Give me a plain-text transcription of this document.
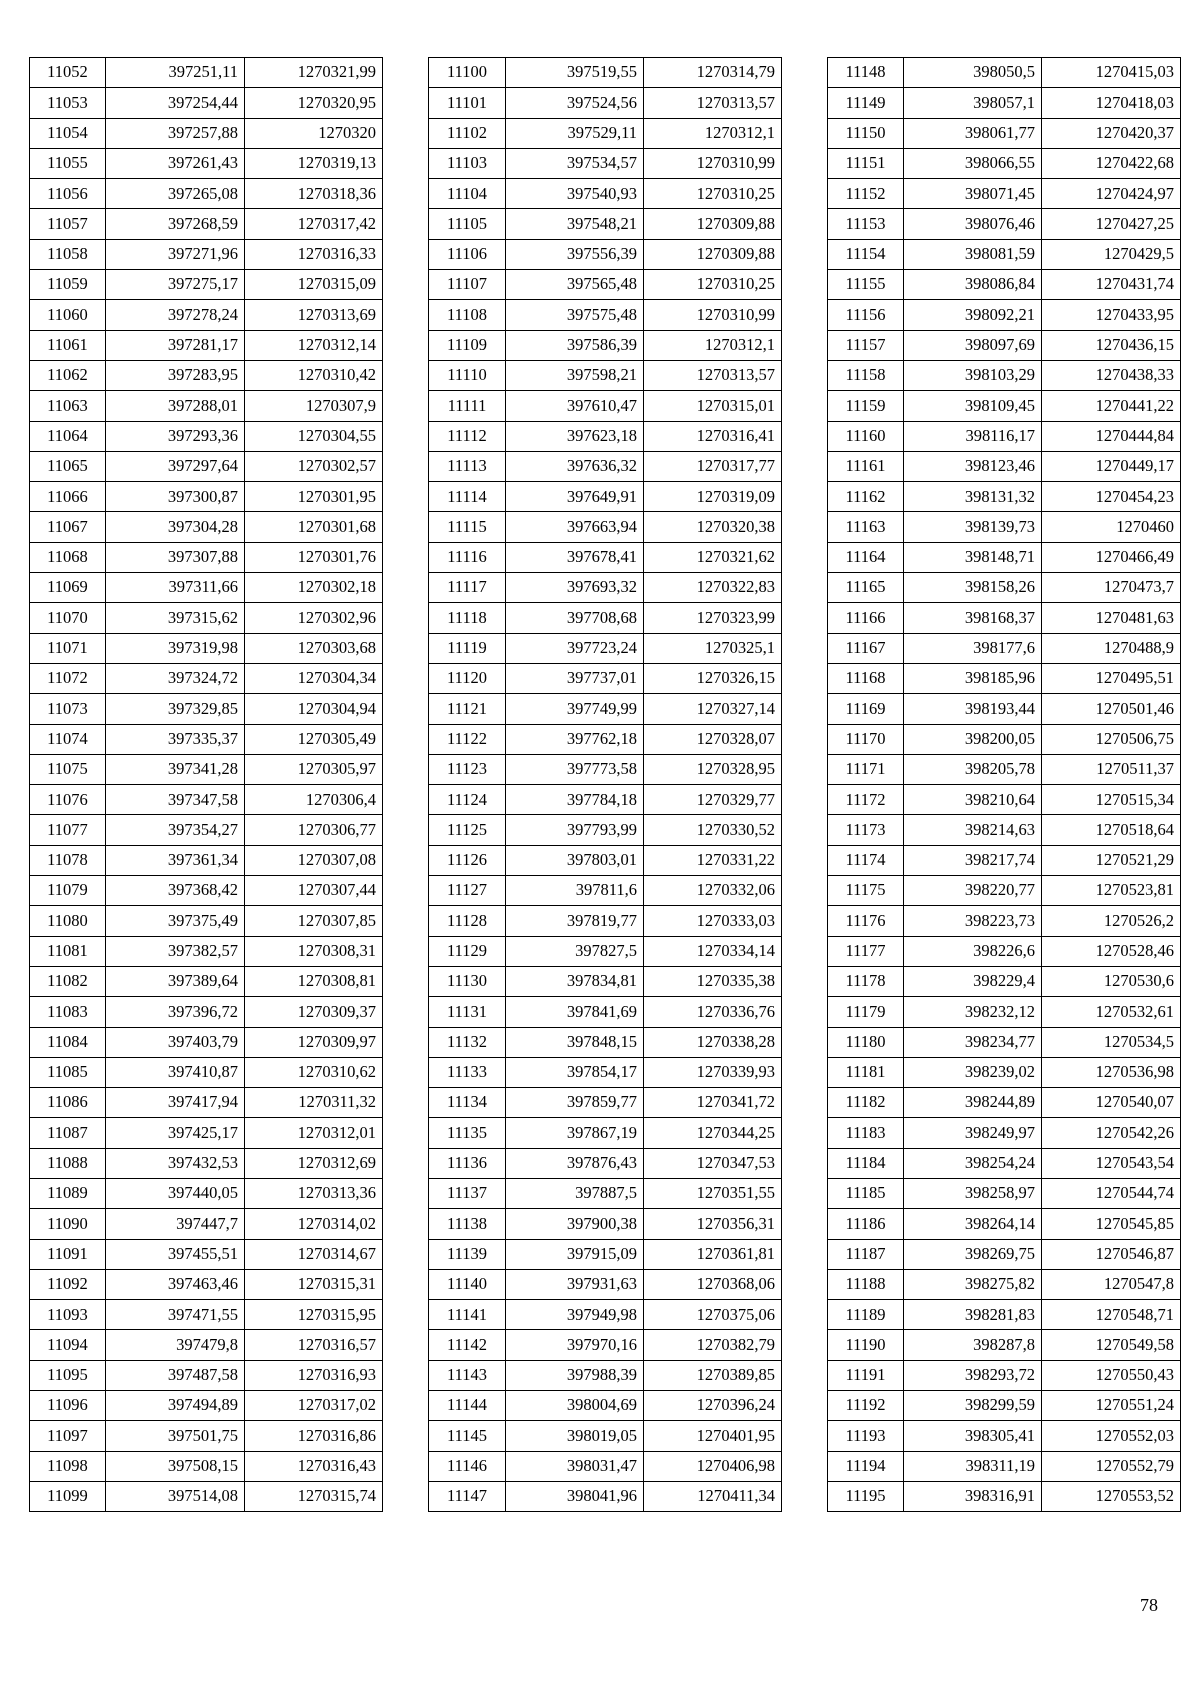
11052	397251,11	1270321,99
11053	397254,44	1270320,95
11054	397257,88	1270320
11055	397261,43	1270319,13
11056	397265,08	1270318,36
11057	397268,59	1270317,42
11058	397271,96	1270316,33
11059	397275,17	1270315,09
11060	397278,24	1270313,69
11061	397281,17	1270312,14
11062	397283,95	1270310,42
11063	397288,01	1270307,9
11064	397293,36	1270304,55
11065	397297,64	1270302,57
11066	397300,87	1270301,95
11067	397304,28	1270301,68
11068	397307,88	1270301,76
11069	397311,66	1270302,18
11070	397315,62	1270302,96
11071	397319,98	1270303,68
11072	397324,72	1270304,34
11073	397329,85	1270304,94
11074	397335,37	1270305,49
11075	397341,28	1270305,97
11076	397347,58	1270306,4
11077	397354,27	1270306,77
11078	397361,34	1270307,08
11079	397368,42	1270307,44
11080	397375,49	1270307,85
11081	397382,57	1270308,31
11082	397389,64	1270308,81
11083	397396,72	1270309,37
11084	397403,79	1270309,97
11085	397410,87	1270310,62
11086	397417,94	1270311,32
11087	397425,17	1270312,01
11088	397432,53	1270312,69
11089	397440,05	1270313,36
11090	397447,7	1270314,02
11091	397455,51	1270314,67
11092	397463,46	1270315,31
11093	397471,55	1270315,95
11094	397479,8	1270316,57
11095	397487,58	1270316,93
11096	397494,89	1270317,02
11097	397501,75	1270316,86
11098	397508,15	1270316,43
11099	397514,08	1270315,74
11100	397519,55	1270314,79
11101	397524,56	1270313,57
11102	397529,11	1270312,1
11103	397534,57	1270310,99
11104	397540,93	1270310,25
11105	397548,21	1270309,88
11106	397556,39	1270309,88
11107	397565,48	1270310,25
11108	397575,48	1270310,99
11109	397586,39	1270312,1
11110	397598,21	1270313,57
11111	397610,47	1270315,01
11112	397623,18	1270316,41
11113	397636,32	1270317,77
11114	397649,91	1270319,09
11115	397663,94	1270320,38
11116	397678,41	1270321,62
11117	397693,32	1270322,83
11118	397708,68	1270323,99
11119	397723,24	1270325,1
11120	397737,01	1270326,15
11121	397749,99	1270327,14
11122	397762,18	1270328,07
11123	397773,58	1270328,95
11124	397784,18	1270329,77
11125	397793,99	1270330,52
11126	397803,01	1270331,22
11127	397811,6	1270332,06
11128	397819,77	1270333,03
11129	397827,5	1270334,14
11130	397834,81	1270335,38
11131	397841,69	1270336,76
11132	397848,15	1270338,28
11133	397854,17	1270339,93
11134	397859,77	1270341,72
11135	397867,19	1270344,25
11136	397876,43	1270347,53
11137	397887,5	1270351,55
11138	397900,38	1270356,31
11139	397915,09	1270361,81
11140	397931,63	1270368,06
11141	397949,98	1270375,06
11142	397970,16	1270382,79
11143	397988,39	1270389,85
11144	398004,69	1270396,24
11145	398019,05	1270401,95
11146	398031,47	1270406,98
11147	398041,96	1270411,34
11148	398050,5	1270415,03
11149	398057,1	1270418,03
11150	398061,77	1270420,37
11151	398066,55	1270422,68
11152	398071,45	1270424,97
11153	398076,46	1270427,25
11154	398081,59	1270429,5
11155	398086,84	1270431,74
11156	398092,21	1270433,95
11157	398097,69	1270436,15
11158	398103,29	1270438,33
11159	398109,45	1270441,22
11160	398116,17	1270444,84
11161	398123,46	1270449,17
11162	398131,32	1270454,23
11163	398139,73	1270460
11164	398148,71	1270466,49
11165	398158,26	1270473,7
11166	398168,37	1270481,63
11167	398177,6	1270488,9
11168	398185,96	1270495,51
11169	398193,44	1270501,46
11170	398200,05	1270506,75
11171	398205,78	1270511,37
11172	398210,64	1270515,34
11173	398214,63	1270518,64
11174	398217,74	1270521,29
11175	398220,77	1270523,81
11176	398223,73	1270526,2
11177	398226,6	1270528,46
11178	398229,4	1270530,6
11179	398232,12	1270532,61
11180	398234,77	1270534,5
11181	398239,02	1270536,98
11182	398244,89	1270540,07
11183	398249,97	1270542,26
11184	398254,24	1270543,54
11185	398258,97	1270544,74
11186	398264,14	1270545,85
11187	398269,75	1270546,87
11188	398275,82	1270547,8
11189	398281,83	1270548,71
11190	398287,8	1270549,58
11191	398293,72	1270550,43
11192	398299,59	1270551,24
11193	398305,41	1270552,03
11194	398311,19	1270552,79
11195	398316,91	1270553,52
78
